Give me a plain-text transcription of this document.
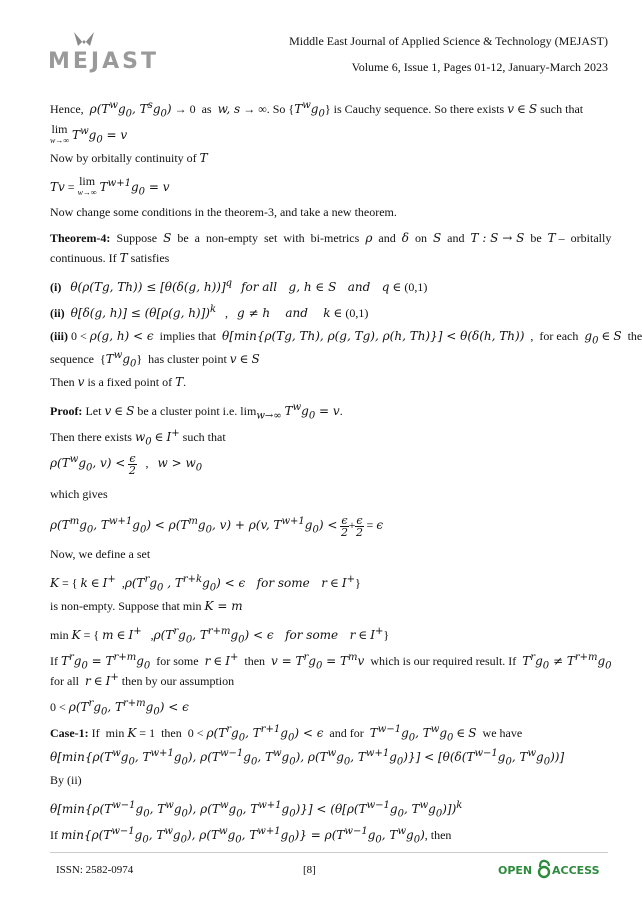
MEJAST
Middle East Journal of Applied Science & Technology (MEJAST)
Volume 6, Issue 1, Pages 01-12, January-March 2023
Hence,  $\rho(T^wg_0$, $T^sg_0) \to 0$  as  w, s → ∞. So $\{T^wg_0\}$ is Cauchy sequence. So there exists v ∈ S such that
lim
w→∞ $T^wg_0 = v$
Now by orbitally continuity of T
Tv = lim
w→∞ $T^{w+1}g_0 = v$
Now change some conditions in the theorem-3, and take a new theorem.
Theorem-4:  Suppose  S  be  a  non-empty  set  with  bi-metrics  ρ  and  δ  on  S  and  T : S → S  be  T –  orbitally
continuous. If T satisfies
(i) θ(ρ(Tg, Th)) ≤ [θ(δ(g, h))]$^q$ for all   g, h ∈ S   and   q ∈ (0,1)
(ii) θ[δ(g, h)] ≤ (θ[ρ(g, h)])$^k$   ,   g ≠ h    and    k ∈ (0,1)
(iii) 0 < ρ(g, h) < ϵ  implies that  θ[min{ρ(Tg, Th), ρ(g, Tg), ρ(h, Th)}] < θ(δ(h, Th))  ,  for each  $g_0$ ∈ S  the
sequence  $\{T^wg_0\}$  has cluster point v ∈ S
Then v is a fixed point of T.
Proof: Let v ∈ S be a cluster point i.e. $\lim_{w\to\infty} T^wg_0 = v$.
Then there exists $w_0$ ∈ I+ such that
$\rho(T^wg_0$, $v) < \frac{\epsilon}{2}$ ,   $w > w_0$
which gives
$\rho(T^mg_0$, $T^{w+1}g_0) < \rho(T^mg_0$, v) + ρ(v, $T^{w+1}g_0) < \frac{\epsilon}{2} + \frac{\epsilon}{2} = \epsilon$
K = { k ∈ I+  $,\rho(T^rg_0$ , $T^{r+k}g_0) < \epsilon$   for some   r ∈ I+}
is non-empty. Suppose that min K = m
min K = { m ∈ I+   $,\rho(T^rg_0$, $T^{r+m}g_0) < \epsilon$   for some   r ∈ I+}
If $T^rg_0 = T^{r+m}g_0$  for some  r ∈ I+  then  $v = T^rg_0 = T^mv$  which is our required result. If  $T^rg_0 \ne T^{r+m}g_0$
for all  r ∈ I+ then by our assumption
$0 < \rho(T^rg_0$, $T^{r+m}g_0) < \epsilon$
Case-1: If  min K = 1  then  $0 < \rho(T^rg_0$, $T^{r+1}g_0) < \epsilon$  and for  $T^{w-1}g_0$, $T^wg_0$ ∈ S  we have
$\theta[\min\{\rho(T^wg_0$, $T^{w+1}g_0$), $\rho(T^{w-1}g_0$, $T^wg_0$), $\rho(T^wg_0$, $T^{w+1}g_0)\}] < [\theta(\delta(T^{w-1}g_0$, $T^wg_0$))]
By (ii)
$\theta[\min\{\rho(T^{w-1}g_0$, $T^wg_0$), $\rho(T^wg_0$, $T^{w+1}g_0)\}] < (\theta[\rho(T^{w-1}g_0$, $T^wg_0)])^k$
If $\min\{\rho(T^{w-1}g_0$, $T^wg_0$), $\rho(T^wg_0$, $T^{w+1}g_0)\} = \rho(T^{w-1}g_0$, $T^wg_0$), then
Now, we define a set
ISSN: 2582-0974	[8]	OPEN ACCESS
